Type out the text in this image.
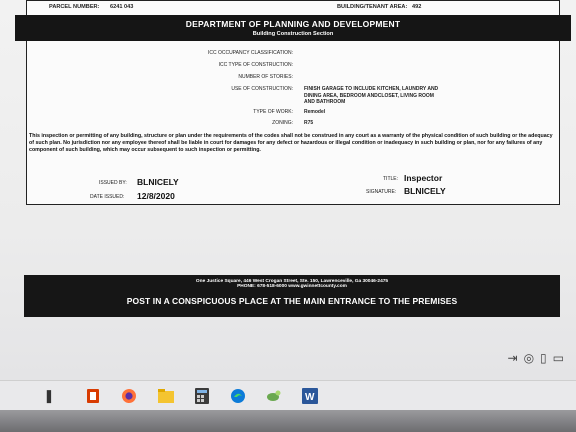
PARCEL NUMBER: 6241 043	BUILDING/TENANT AREA: 492
DEPARTMENT OF PLANNING AND DEVELOPMENT
Building Construction Section
ICC OCCUPANCY CLASSIFICATION:
ICC TYPE OF CONSTRUCTION:
NUMBER OF STORIES:
USE OF CONSTRUCTION: FINISH GARAGE TO INCLUDE KITCHEN, LAUNDRY AND DINING AREA, BEDROOM ANDCLOSET, LIVING ROOM AND BATHROOM
TYPE OF WORK: Remodel
ZONING: R75
This inspection or permitting of any building, structure or plan under the requirements of the codes shall not be construed in any court as a warranty of the physical condition of such building or the adequacy of such plan. No jurisdiction nor any employee thereof shall be liable in court for damages for any defect or hazardous or illegal condition or inadequacy in such building or plan, nor for any failures of any component of such building, which may occur subsequent to such inspection or permitting.
ISSUED BY: BLNICELY
DATE ISSUED: 12/8/2020
TITLE: Inspector
SIGNATURE: BLNICELY
One Justice Square, 446 West Crogan Street, Ste. 150, Lawrenceville, Ga 30046-2475
PHONE: 678-518-6000 www.gwinnettcounty.com
POST IN A CONSPICUOUS PLACE AT THE MAIN ENTRANCE TO THE PREMISES
⇥ ◎ ▯ ▭
❚	W
